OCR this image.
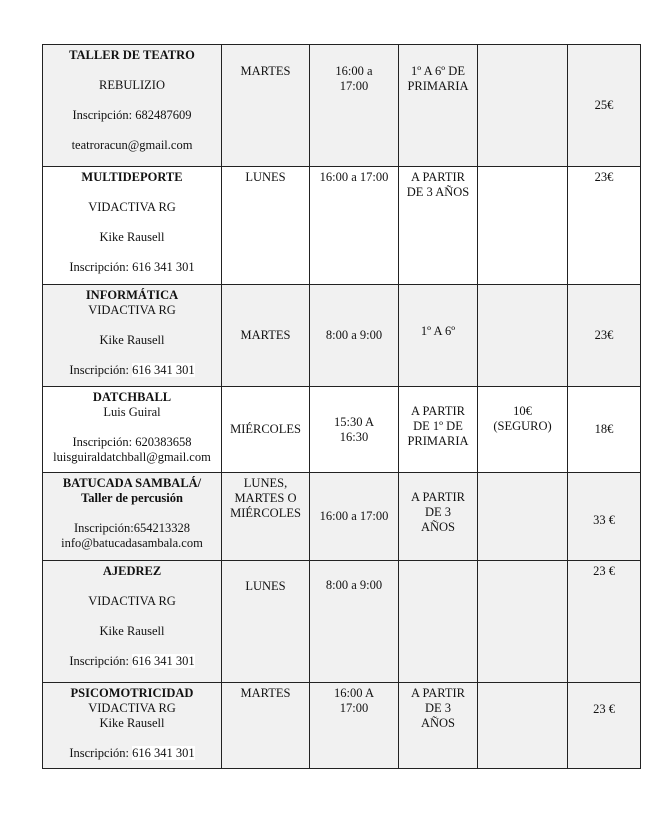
TALLER DE TEATRO
REBULIZIO
Inscripción: 682487609
teatroracun@gmail.com	MARTES	16:00 a 17:00	1º A 6º DE PRIMARIA		25€

MULTIDEPORTE
VIDACTIVA RG
Kike Rausell
Inscripción: 616 341 301	LUNES	16:00 a 17:00	A PARTIR DE 3 AÑOS		23€

INFORMÁTICA
VIDACTIVA RG
Kike Rausell
Inscripción: 616 341 301	MARTES	8:00 a 9:00	1º A 6º		23€

DATCHBALL
Luis Guiral
Inscripción: 620383658
luisguiraldatchball@gmail.com	MIÉRCOLES	15:30 A 16:30	A PARTIR DE 1º DE PRIMARIA	10€ (SEGURO)	18€

BATUCADA SAMBALÁ/
Taller de percusión
Inscripción:654213328
info@batucadasambala.com	LUNES, MARTES O MIÉRCOLES	16:00 a 17:00	A PARTIR DE 3 AÑOS		33 €

AJEDREZ
VIDACTIVA RG
Kike Rausell
Inscripción: 616 341 301	LUNES	8:00 a 9:00			23 €

PSICOMOTRICIDAD
VIDACTIVA RG
Kike Rausell
Inscripción: 616 341 301	MARTES	16:00 A 17:00	A PARTIR DE 3 AÑOS		23 €
